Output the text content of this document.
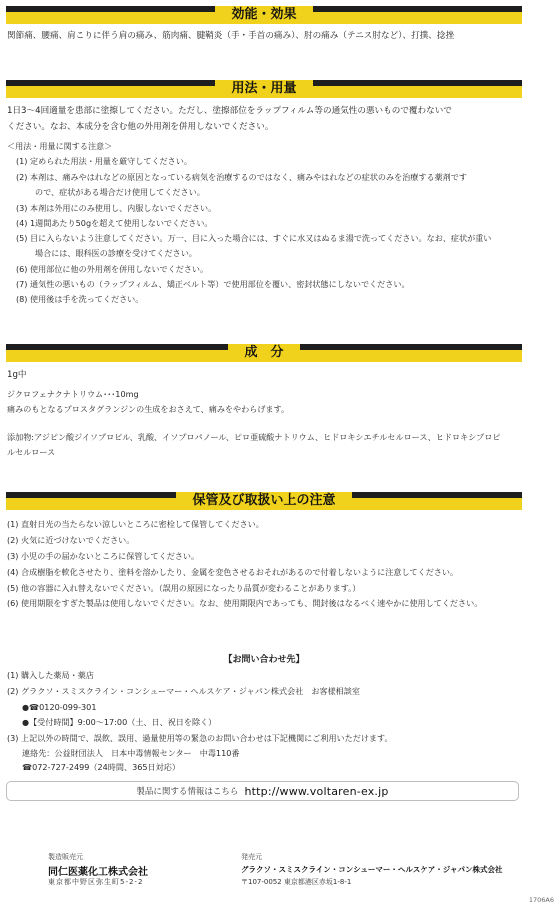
効能・効果
関節痛、腰痛、肩こりに伴う肩の痛み、筋肉痛、腱鞘炎（手・手首の痛み）、肘の痛み（テニス肘など）、打撲、捻挫
用法・用量
1日3～4回適量を患部に塗擦してください。ただし、塗擦部位をラップフィルム等の通気性の悪いもので覆わないで
ください。なお、本成分を含む他の外用剤を併用しないでください。
＜用法・用量に関する注意＞
(1) 定められた用法・用量を厳守してください。
(2) 本剤は、痛みやはれなどの原因となっている病気を治療するのではなく、痛みやはれなどの症状のみを治療する薬剤です
ので、症状がある場合だけ使用してください。
(3) 本剤は外用にのみ使用し、内服しないでください。
(4) 1週間あたり50gを超えて使用しないでください。
(5) 目に入らないよう注意してください。万一、目に入った場合には、すぐに水又はぬるま湯で洗ってください。なお、症状が重い
場合には、眼科医の診療を受けてください。
(6) 使用部位に他の外用剤を併用しないでください。
(7) 通気性の悪いもの（ラップフィルム、矯正ベルト等）で使用部位を覆い、密封状態にしないでください。
(8) 使用後は手を洗ってください。
成　分
1g中
ジクロフェナクナトリウム･･･10mg
痛みのもとなるプロスタグランジンの生成をおさえて、痛みをやわらげます。
添加物:アジピン酸ジイソプロピル、乳酸、イソプロパノール、ピロ亜硫酸ナトリウム、ヒドロキシエチルセルロース、ヒドロキシプロピ
ルセルロース
保管及び取扱い上の注意
(1) 直射日光の当たらない涼しいところに密栓して保管してください。
(2) 火気に近づけないでください。
(3) 小児の手の届かないところに保管してください。
(4) 合成樹脂を軟化させたり、塗料を溶かしたり、金属を変色させるおそれがあるので付着しないように注意してください。
(5) 他の容器に入れ替えないでください。（誤用の原因になったり品質が変わることがあります。）
(6) 使用期限をすぎた製品は使用しないでください。なお、使用期限内であっても、開封後はなるべく速やかに使用してください。
【お問い合わせ先】
(1) 購入した薬局・薬店
(2) グラクソ・スミスクライン・コンシューマー・ヘルスケア・ジャパン株式会社　お客様相談室
●☎0120-099-301
●【受付時間】9:00～17:00（土、日、祝日を除く）
(3) 上記以外の時間で、誤飲、誤用、過量使用等の緊急のお問い合わせは下記機関にご利用いただけます。
連絡先：公益財団法人　日本中毒情報センター　中毒110番
☎072-727-2499（24時間、365日対応）
製品に関する情報はこちら http://www.voltaren-ex.jp
製造販売元
同仁医薬化工株式会社
東京都中野区弥生町5-2-2
発売元
グラクソ・スミスクライン・コンシューマー・ヘルスケア・ジャパン株式会社
〒107-0052 東京都港区赤坂1-8-1
1706A6
